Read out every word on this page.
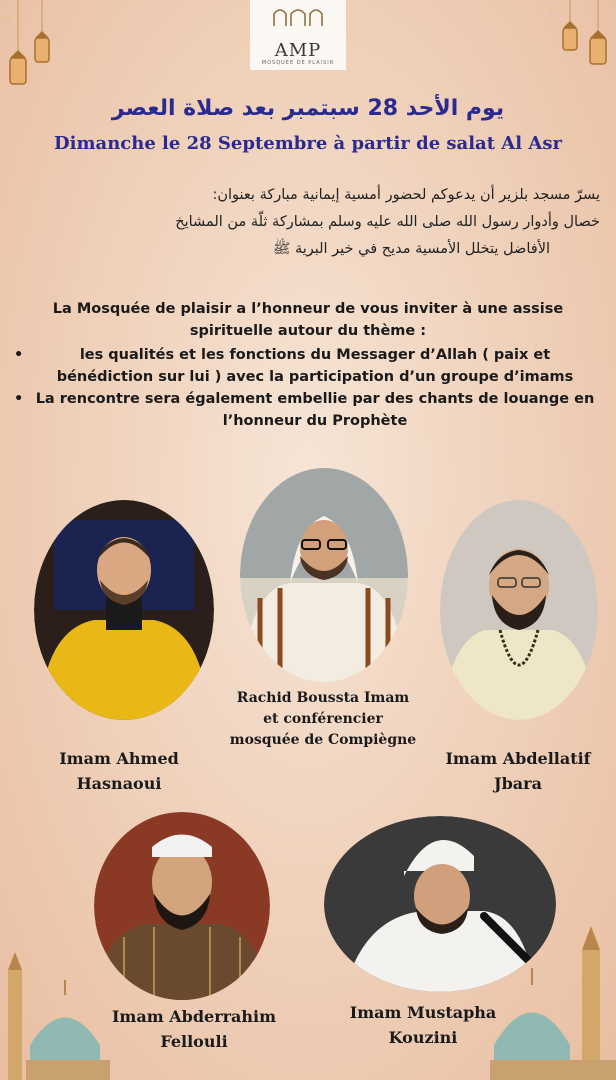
✦
✦
✦
AMP
MOSQUEE DE PLAISIR
يوم الأحد 28 سبتمبر بعد صلاة العصر
Dimanche le 28 Septembre à partir de salat Al Asr
يسرّ مسجد بلزير أن يدعوكم لحضور أمسية إيمانية مباركة بعنوان:
خصال وأدوار رسول الله صلى الله عليه وسلم بمشاركة ثلّة من المشايخ
الأفاضل يتخلل الأمسية مديح في خير البرية ﷺ
La Mosquée de plaisir a l’honneur de vous inviter à une assise spirituelle autour du thème :
•	les qualités et les fonctions du Messager d’Allah ( paix et bénédiction sur lui ) avec la participation d’un groupe d’imams
• La rencontre sera également embellie par des chants de louange en l’honneur du Prophète
Imam Ahmed
Hasnaoui
Rachid Boussta Imam
et conférencier
mosquée de Compiègne
Imam Abdellatif
Jbara
Imam Abderrahim
Fellouli
Imam Mustapha
Kouzini
